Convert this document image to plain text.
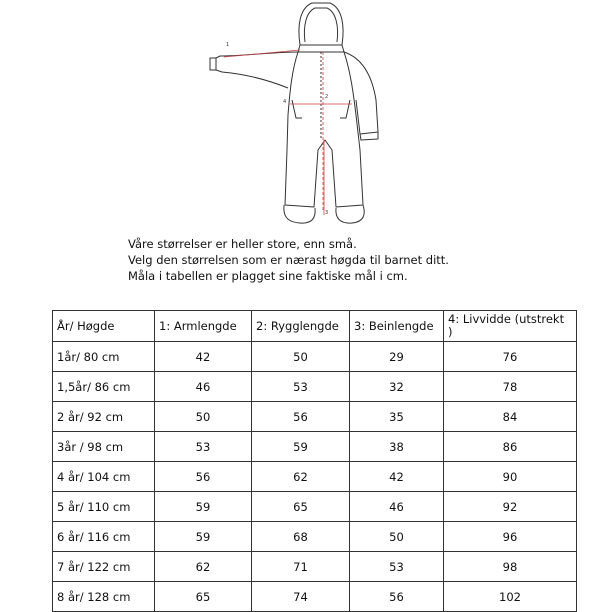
1
4
2
3
Våre størrelser er heller store, enn små.
Velg den størrelsen som er nærast høgda til barnet ditt.
Måla i tabellen er plagget sine faktiske mål i cm.
År/ Høgde	1: Armlengde	2: Rygglengde	3: Beinlengde	4: Livvidde (utstrekt )
1år/ 80 cm	42	50	29	76
1,5år/ 86 cm	46	53	32	78
2 år/ 92 cm	50	56	35	84
3år / 98 cm	53	59	38	86
4 år/ 104 cm	56	62	42	90
5 år/ 110 cm	59	65	46	92
6 år/ 116 cm	59	68	50	96
7 år/ 122 cm	62	71	53	98
8 år/ 128 cm	65	74	56	102
